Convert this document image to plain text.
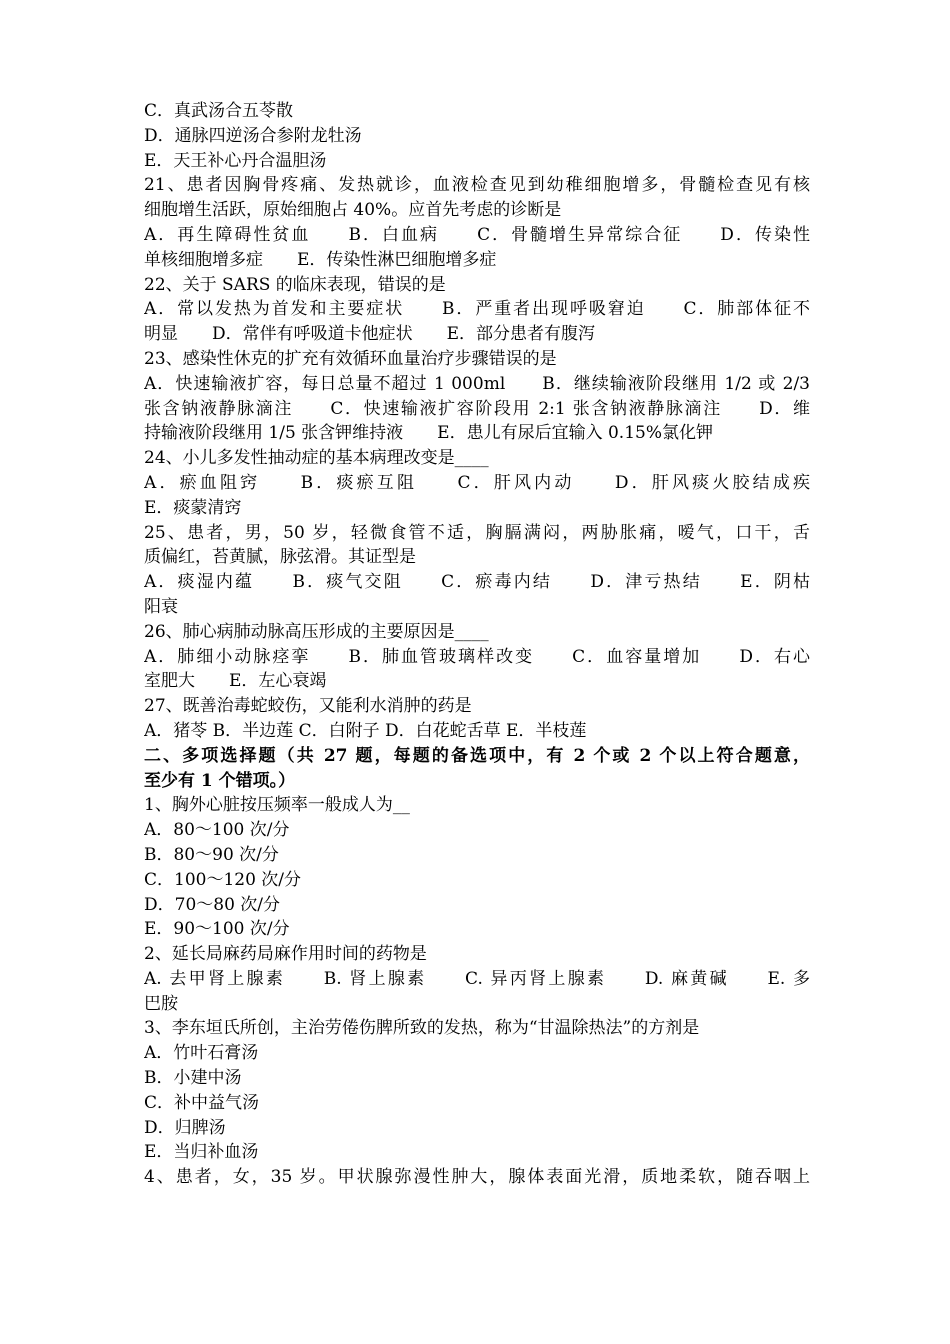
C．真武汤合五苓散
D．通脉四逆汤合参附龙牡汤
E．天王补心丹合温胆汤
21、患者因胸骨疼痛、发热就诊，血液检查见到幼稚细胞增多，骨髓检查见有核
细胞增生活跃，原始细胞占 40%。应首先考虑的诊断是
A．再生障碍性贫血　　B．白血病　　C．骨髓增生异常综合征　　D．传染性
单核细胞增多症　　E．传染性淋巴细胞增多症
22、关于 SARS 的临床表现，错误的是
A．常以发热为首发和主要症状　　B．严重者出现呼吸窘迫　　C．肺部体征不
明显　　D．常伴有呼吸道卡他症状　　E．部分患者有腹泻
23、感染性休克的扩充有效循环血量治疗步骤错误的是
A．快速输液扩容，每日总量不超过 1 000ml　　B．继续输液阶段继用 1/2 或 2/3
张含钠液静脉滴注　　C．快速输液扩容阶段用 2:1 张含钠液静脉滴注　　D．维
持输液阶段继用 1/5 张含钾维持液　　E．患儿有尿后宜输入 0.15%氯化钾
24、小儿多发性抽动症的基本病理改变是____
A．瘀血阻窍　　B．痰瘀互阻　　C．肝风内动　　D．肝风痰火胶结成疾
E．痰蒙清窍
25、患者，男，50 岁，轻微食管不适，胸膈满闷，两胁胀痛，嗳气，口干，舌
质偏红，苔黄腻，脉弦滑。其证型是
A．痰湿内蕴　　B．痰气交阻　　C．瘀毒内结　　D．津亏热结　　E．阴枯
阳衰
26、肺心病肺动脉高压形成的主要原因是____
A．肺细小动脉痉挛　　B．肺血管玻璃样改变　　C．血容量增加　　D．右心
室肥大　　E．左心衰竭
27、既善治毒蛇蛟伤，又能利水消肿的药是
A．猪苓 B．半边莲 C．白附子 D．白花蛇舌草 E．半枝莲
二、多项选择题（共 27 题，每题的备选项中，有 2 个或 2 个以上符合题意，
至少有 1 个错项。）
1、胸外心脏按压频率一般成人为__
A．80～100 次/分
B．80～90 次/分
C．100～120 次/分
D．70～80 次/分
E．90～100 次/分
2、延长局麻药局麻作用时间的药物是
A. 去甲肾上腺素　　B. 肾上腺素　　C. 异丙肾上腺素　　D. 麻黄碱　　E. 多
巴胺
3、李东垣氏所创，主治劳倦伤脾所致的发热，称为“甘温除热法”的方剂是
A．竹叶石膏汤
B．小建中汤
C．补中益气汤
D．归脾汤
E．当归补血汤
4、患者，女，35 岁。甲状腺弥漫性肿大，腺体表面光滑，质地柔软，随吞咽上
